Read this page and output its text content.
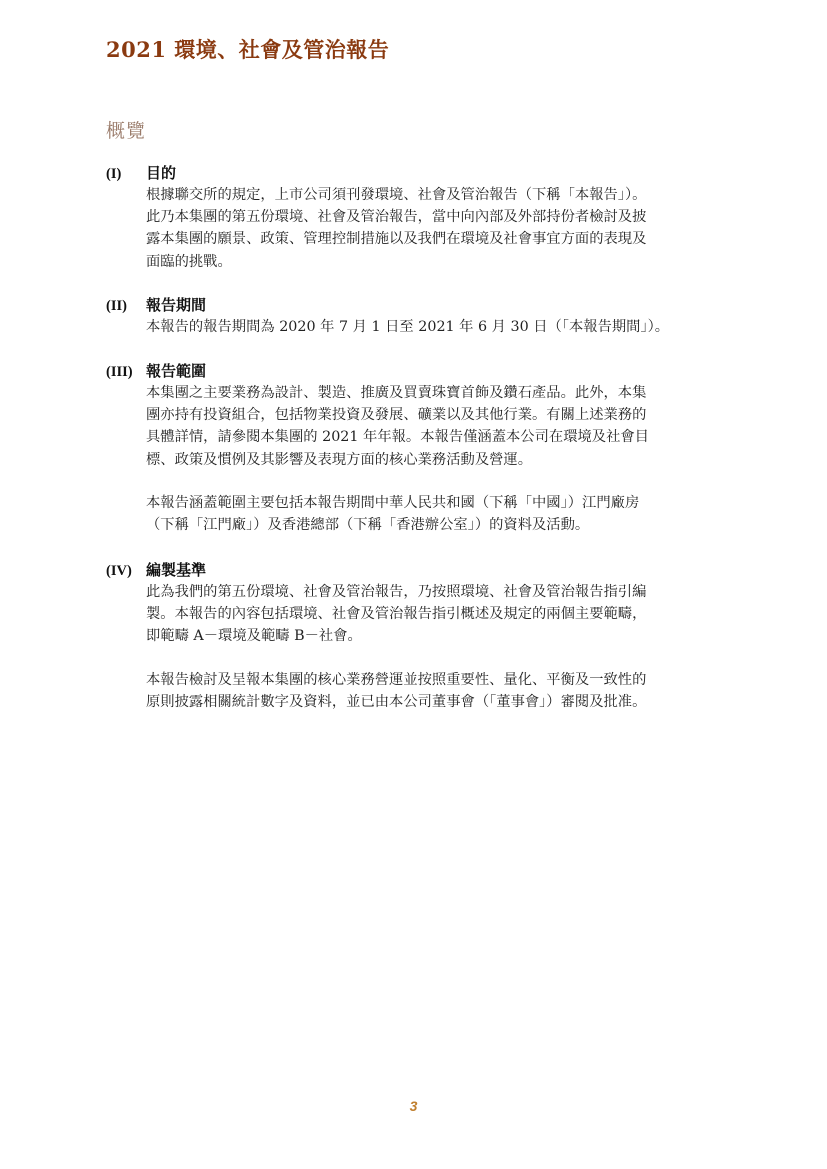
2021 環境、社會及管治報告
概覽
(I)	目的
根據聯交所的規定，上市公司須刊發環境、社會及管治報告（下稱「本報告」）。
此乃本集團的第五份環境、社會及管治報告，當中向內部及外部持份者檢討及披
露本集團的願景、政策、管理控制措施以及我們在環境及社會事宜方面的表現及
面臨的挑戰。
(II)	報告期間
本報告的報告期間為 2020 年 7 月 1 日至 2021 年 6 月 30 日（「本報告期間」）。
(III) 報告範圍
本集團之主要業務為設計、製造、推廣及買賣珠寶首飾及鑽石產品。此外，本集
團亦持有投資組合，包括物業投資及發展、礦業以及其他行業。有關上述業務的
具體詳情，請參閱本集團的 2021 年年報。本報告僅涵蓋本公司在環境及社會目
標、政策及慣例及其影響及表現方面的核心業務活動及營運。
本報告涵蓋範圍主要包括本報告期間中華人民共和國（下稱「中國」）江門廠房
（下稱「江門廠」）及香港總部（下稱「香港辦公室」）的資料及活動。
(IV) 編製基準
此為我們的第五份環境、社會及管治報告，乃按照環境、社會及管治報告指引編
製。本報告的內容包括環境、社會及管治報告指引概述及規定的兩個主要範疇，
即範疇 A－環境及範疇 B－社會。
本報告檢討及呈報本集團的核心業務營運並按照重要性、量化、平衡及一致性的
原則披露相關統計數字及資料，並已由本公司董事會（「董事會」）審閱及批准。
3
